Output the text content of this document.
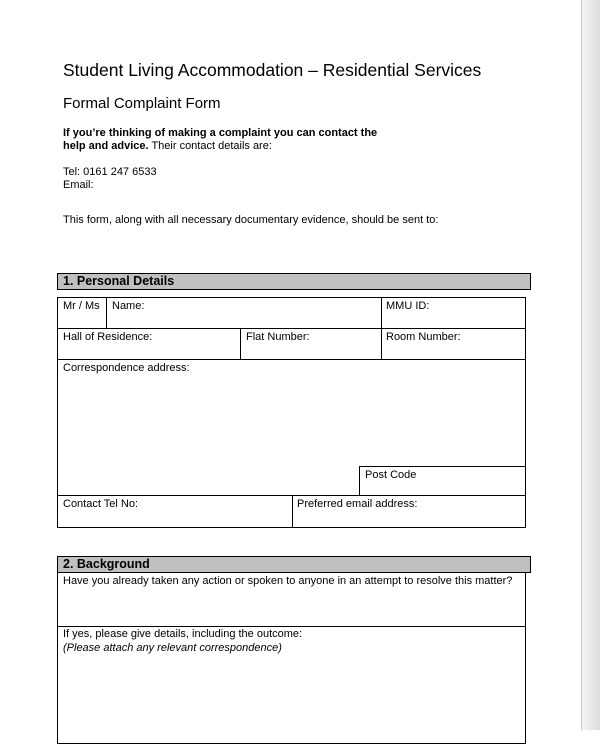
Student Living Accommodation – Residential Services
Formal Complaint Form
If you’re thinking of making a complaint you can contact the
help and advice. Their contact details are:
Tel: 0161 247 6533
Email:
This form, along with all necessary documentary evidence, should be sent to:
1. Personal Details
Mr / Ms Name:	MMU ID:
Hall of Residence:	Flat Number:	Room Number:
Correspondence address:
Post Code
Contact Tel No:	Preferred email address:
2. Background
Have you already taken any action or spoken to anyone in an attempt to resolve this matter?
If yes, please give details, including the outcome:
(Please attach any relevant correspondence)
